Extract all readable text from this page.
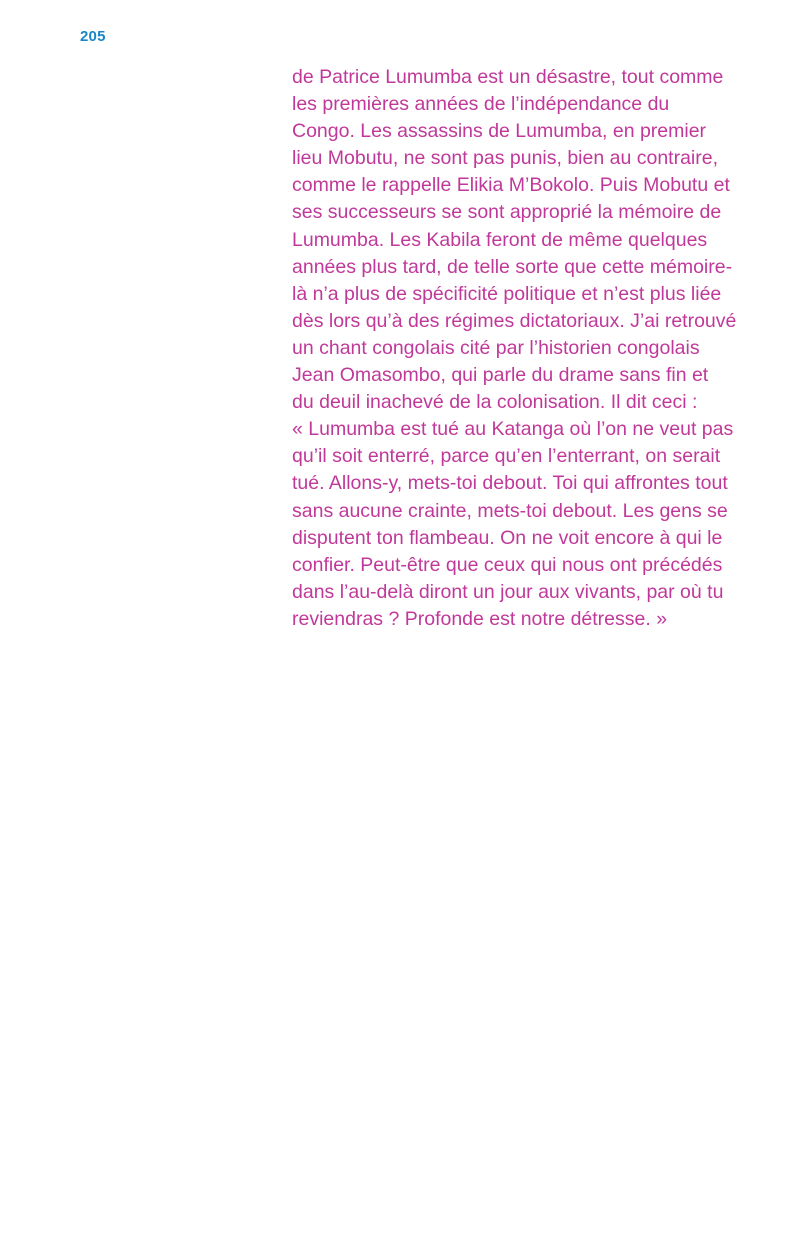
205
de Patrice Lumumba est un désastre, tout comme
les premières années de l’indépendance du
Congo. Les assassins de Lumumba, en premier
lieu Mobutu, ne sont pas punis, bien au contraire,
comme le rappelle Elikia M’Bokolo. Puis Mobutu et
ses successeurs se sont approprié la mémoire de
Lumumba. Les Kabila feront de même quelques
années plus tard, de telle sorte que cette mémoire-
là n’a plus de spécificité politique et n’est plus liée
dès lors qu’à des régimes dictatoriaux. J’ai retrouvé
un chant congolais cité par l’historien congolais
Jean Omasombo, qui parle du drame sans fin et
du deuil inachevé de la colonisation. Il dit ceci :
« Lumumba est tué au Katanga où l’on ne veut pas
qu’il soit enterré, parce qu’en l’enterrant, on serait
tué. Allons-y, mets-toi debout. Toi qui affrontes tout
sans aucune crainte, mets-toi debout. Les gens se
disputent ton flambeau. On ne voit encore à qui le
confier. Peut-être que ceux qui nous ont précédés
dans l’au-delà diront un jour aux vivants, par où tu
reviendras ? Profonde est notre détresse. »
